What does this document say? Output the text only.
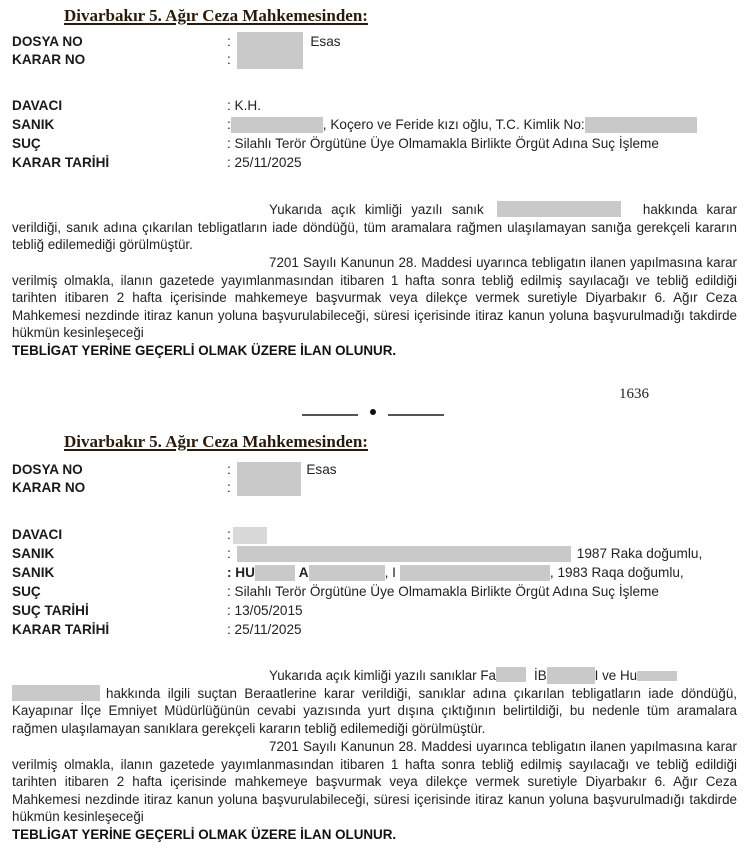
Divarbakır 5. Ağır Ceza Mahkemesinden:
DOSYA NO	:	Esas
KARAR NO	:
DAVACI	: K.H.
SANIK	:	, Koçero ve Feride kızı oğlu, T.C. Kimlik No:
SUÇ	: Silahlı Terör Örgütüne Üye Olmamakla Birlikte Örgüt Adına Suç İşleme
KARAR TARİHİ	: 25/11/2025
Yukarıda açık kimliği yazılı sanık	hakkında karar verildiği, sanık adına çıkarılan tebligatların iade döndüğü, tüm aramalara rağmen ulaşılamayan sanığa gerekçeli kararın tebliğ edilemediği görülmüştür.
7201 Sayılı Kanunun 28. Maddesi uyarınca tebligatın ilanen yapılmasına karar verilmiş olmakla, ilanın gazetede yayımlanmasından itibaren 1 hafta sonra tebliğ edilmiş sayılacağı ve tebliğ edildiği tarihten itibaren 2 hafta içerisinde mahkemeye başvurmak veya dilekçe vermek suretiyle Diyarbakır 6. Ağır Ceza Mahkemesi nezdinde itiraz kanun yoluna başvurulabileceği, süresi içerisinde itiraz kanun yoluna başvurulmadığı takdirde hükmün kesinleşeceği
TEBLİGAT YERİNE GEÇERLİ OLMAK ÜZERE İLAN OLUNUR.
1636
Divarbakır 5. Ağır Ceza Mahkemesinden:
DOSYA NO	:	Esas
KARAR NO	:
DAVACI	:
SANIK	:	1987 Raka doğumlu,
SANIK	: HU	A	, I	, 1983 Raqa doğumlu,
SUÇ	: Silahlı Terör Örgütüne Üye Olmamakla Birlikte Örgüt Adına Suç İşleme
SUÇ TARİHİ	: 13/05/2015
KARAR TARİHİ	: 25/11/2025
Yukarıda açık kimliği yazılı sanıklar Fa	İB	I ve Hu
hakkında ilgili suçtan Beraatlerine karar verildiği, sanıklar adına çıkarılan tebligatların iade döndüğü, Kayapınar İlçe Emniyet Müdürlüğünün cevabi yazısında yurt dışına çıktığının belirtildiği, bu nedenle tüm aramalara rağmen ulaşılamayan sanıklara gerekçeli kararın tebliğ edilemediği görülmüştür.
7201 Sayılı Kanunun 28. Maddesi uyarınca tebligatın ilanen yapılmasına karar verilmiş olmakla, ilanın gazetede yayımlanmasından itibaren 1 hafta sonra tebliğ edilmiş sayılacağı ve tebliğ edildiği tarihten itibaren 2 hafta içerisinde mahkemeye başvurmak veya dilekçe vermek suretiyle Diyarbakır 6. Ağır Ceza Mahkemesi nezdinde itiraz kanun yoluna başvurulabileceği, süresi içerisinde itiraz kanun yoluna başvurulmadığı takdirde hükmün kesinleşeceği
TEBLİGAT YERİNE GEÇERLİ OLMAK ÜZERE İLAN OLUNUR.
